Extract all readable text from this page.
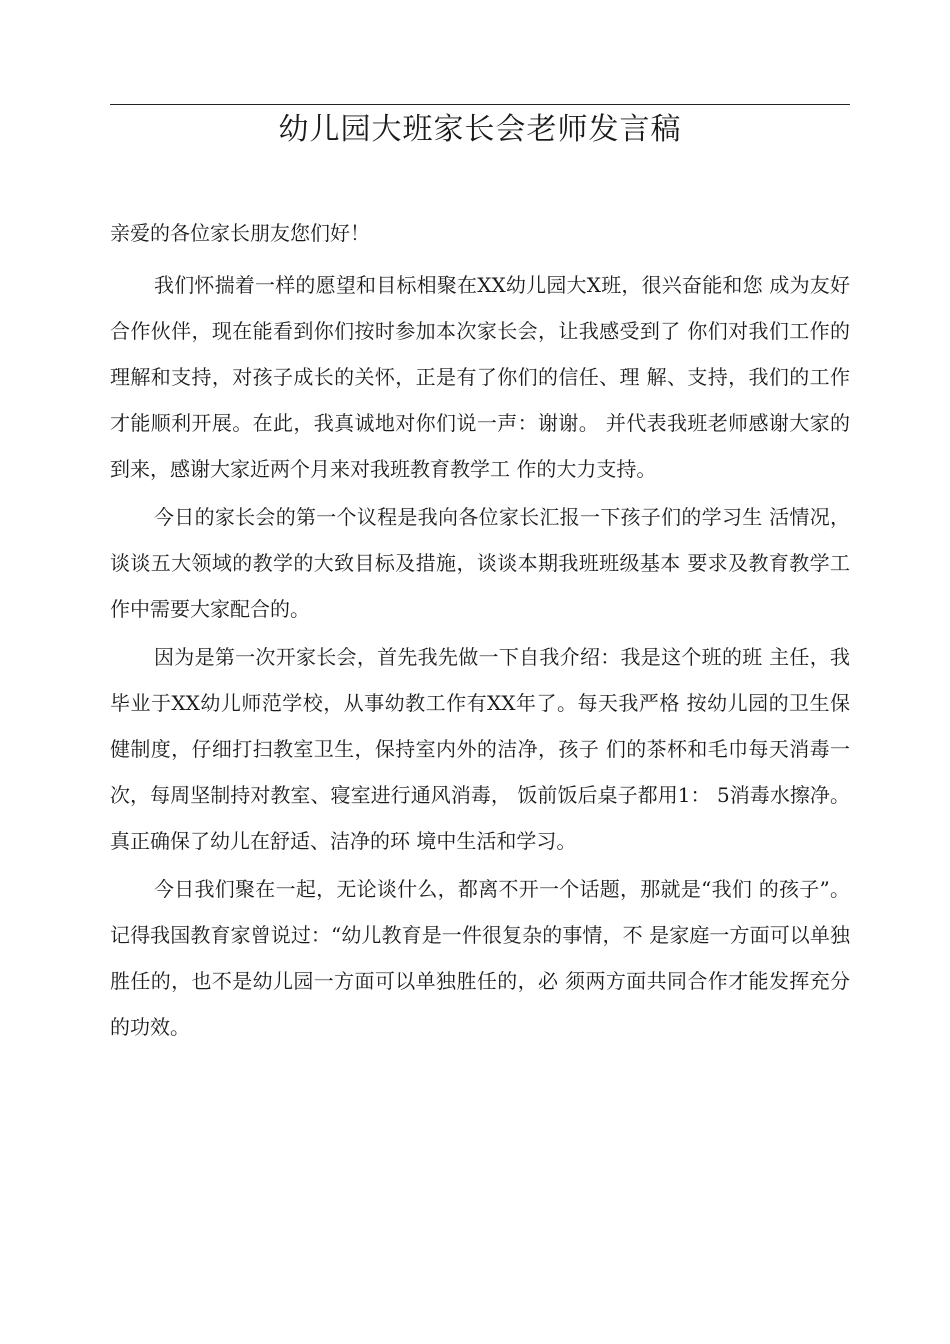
幼儿园大班家长会老师发言稿

亲爱的各位家长朋友您们好！

我们怀揣着一样的愿望和目标相聚在XX幼儿园大X班，很兴奋能和您 成为友好合作伙伴，现在能看到你们按时参加本次家长会，让我感受到了 你们对我们工作的理解和支持，对孩子成长的关怀，正是有了你们的信任、理 解、支持，我们的工作才能顺利开展。在此，我真诚地对你们说一声：谢谢。 并代表我班老师感谢大家的到来，感谢大家近两个月来对我班教育教学工 作的大力支持。

今日的家长会的第一个议程是我向各位家长汇报一下孩子们的学习生 活情况，谈谈五大领域的教学的大致目标及措施，谈谈本期我班班级基本 要求及教育教学工作中需要大家配合的。

因为是第一次开家长会，首先我先做一下自我介绍：我是这个班的班 主任，我毕业于XX幼儿师范学校，从事幼教工作有XX年了。每天我严格 按幼儿园的卫生保健制度，仔细打扫教室卫生，保持室内外的洁净，孩子 们的茶杯和毛巾每天消毒一次，每周坚制持对教室、寝室进行通风消毒， 饭前饭后桌子都用1： 5消毒水擦净。真正确保了幼儿在舒适、洁净的环 境中生活和学习。

今日我们聚在一起，无论谈什么，都离不开一个话题，那就是“我们 的孩子”。记得我国教育家曾说过：“幼儿教育是一件很复杂的事情，不 是家庭一方面可以单独胜任的，也不是幼儿园一方面可以单独胜任的，必 须两方面共同合作才能发挥充分的功效。
